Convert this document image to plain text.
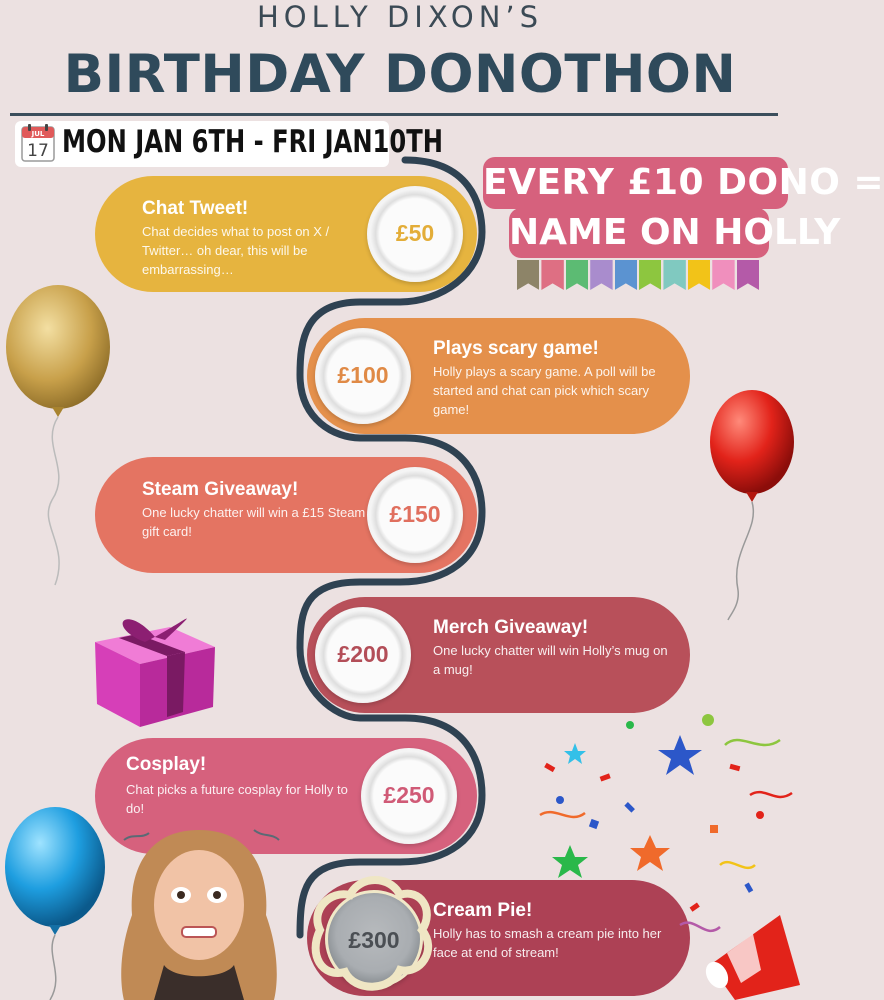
HOLLY DIXON’S
BIRTHDAY DONOTHON
JUL
17 MON JAN 6TH - FRI JAN10TH
EVERY £10 DONO =
NAME ON HOLLY
Chat Tweet!
Chat decides what to post on X / Twitter… oh dear, this will be embarrassing…
£50
£100
Plays scary game!
Holly plays a scary game. A poll will be started and chat can pick which scary game!
Steam Giveaway!
One lucky chatter will win a £15 Steam gift card!
£150
£200
Merch Giveaway!
One lucky chatter will win Holly’s mug on a mug!
Cosplay!
Chat picks a future cosplay for Holly to do!
£250
£300
Cream Pie!
Holly has to smash a cream pie into her face at end of stream!
